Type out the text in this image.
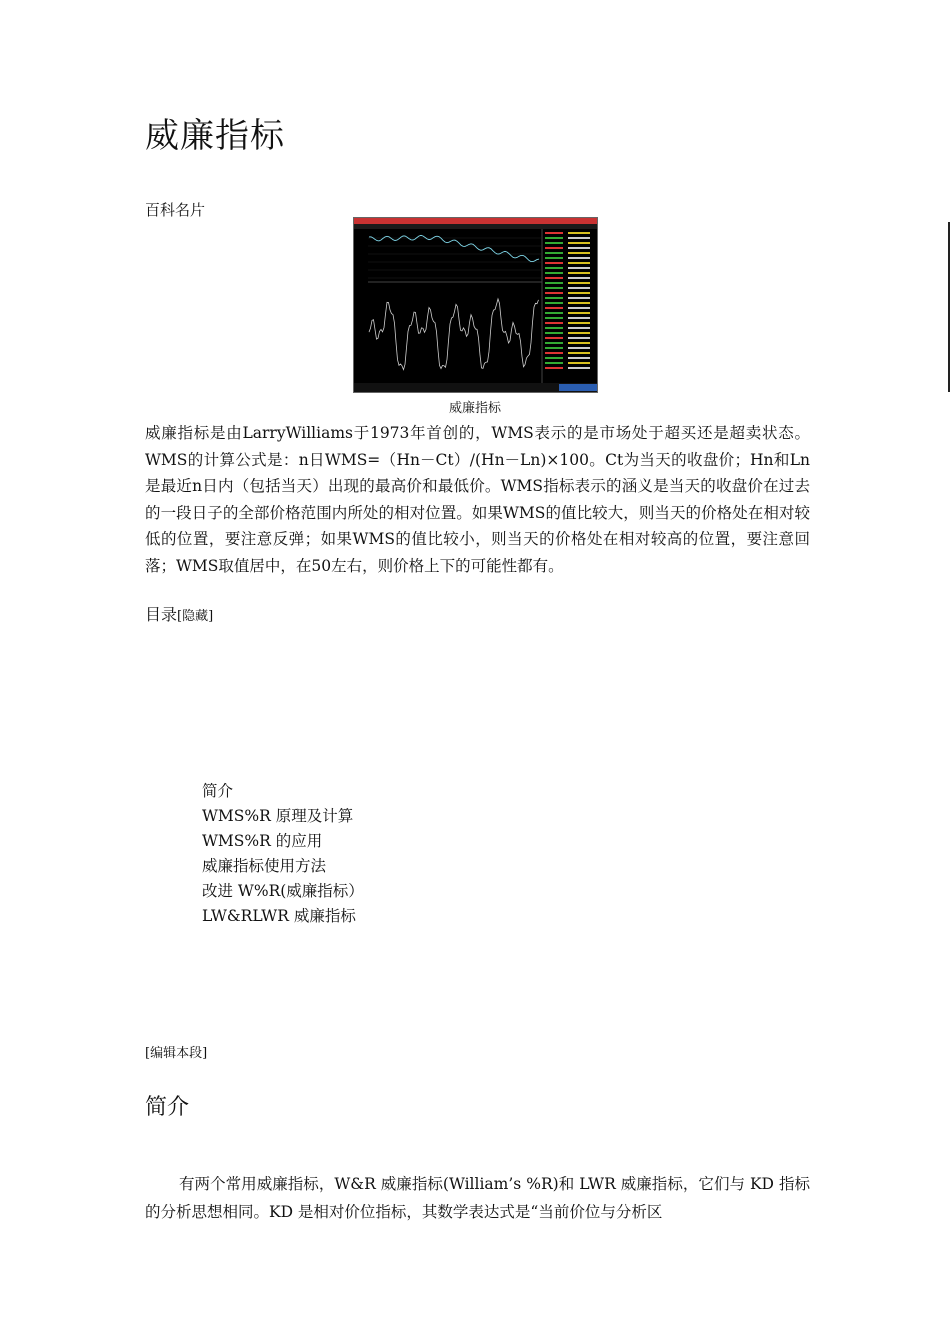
威廉指标
百科名片
威廉指标
威廉指标是由LarryWilliams于1973年首创的，WMS表示的是市场处于超买还是超卖状态。WMS的计算公式是：n日WMS=（Hn－Ct）/(Hn－Ln)×100。Ct为当天的收盘价；Hn和Ln是最近n日内（包括当天）出现的最高价和最低价。WMS指标表示的涵义是当天的收盘价在过去的一段日子的全部价格范围内所处的相对位置。如果WMS的值比较大，则当天的价格处在相对较低的位置，要注意反弹；如果WMS的值比较小，则当天的价格处在相对较高的位置，要注意回落；WMS取值居中，在50左右，则价格上下的可能性都有。
目录[隐藏]
简介
WMS%R 原理及计算
WMS%R 的应用
威廉指标使用方法
改进 W%R(威廉指标）
LW&RLWR 威廉指标
[编辑本段]
简介
有两个常用威廉指标，W&R 威廉指标(William’s %R)和 LWR 威廉指标，它们与 KD 指标的分析思想相同。KD 是相对价位指标，其数学表达式是“当前价位与分析区
